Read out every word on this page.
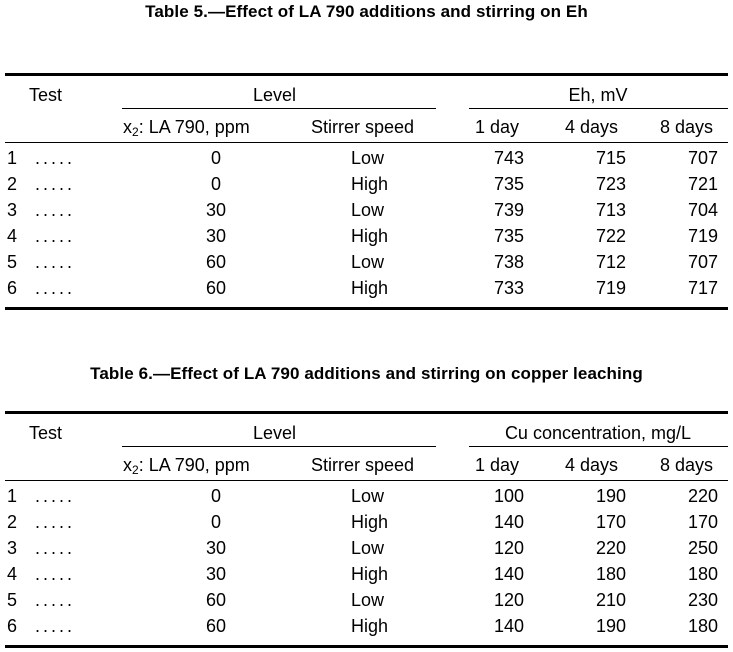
Table 5.—Effect of LA 790 additions and stirring on Eh
Test	Level	Eh, mV
$x_2$: LA 790, ppm	Stirrer speed	1 day	4 days 8 days
1 .....	0	Low	743	715	707
2 .....	0	High	735	723	721
3 .....	30	Low	739	713	704
4 .....	30	High	735	722	719
5 .....	60	Low	738	712	707
6 .....	60	High	733	719	717
Table 6.—Effect of LA 790 additions and stirring on copper leaching
Test	Level	Cu concentration, mg/L
$x_2$: LA 790, ppm	Stirrer speed	1 day	4 days 8 days
1 .....	0	Low	100	190	220
2 .....	0	High	140	170	170
3 .....	30	Low	120	220	250
4 .....	30	High	140	180	180
5 .....	60	Low	120	210	230
6 .....	60	High	140	190	180
